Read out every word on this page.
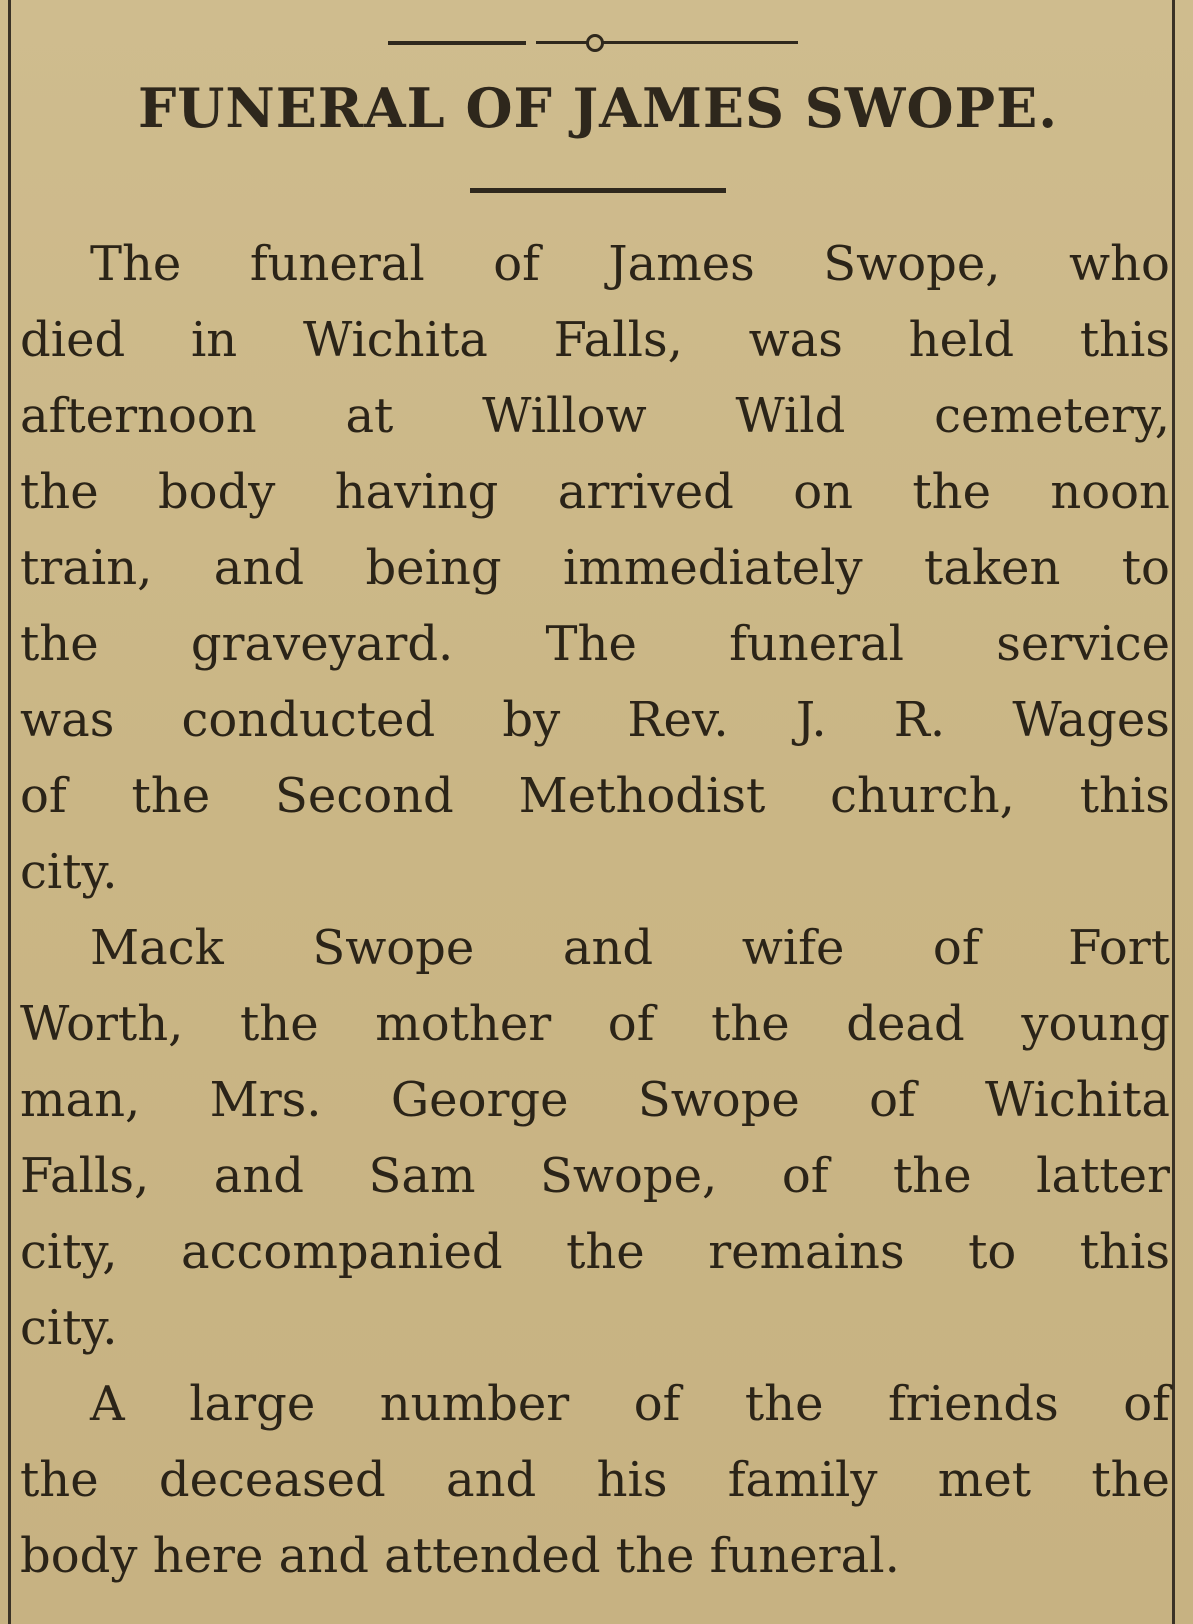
FUNERAL OF JAMES SWOPE.
The funeral of James Swope, who
died in Wichita Falls, was held this
afternoon at Willow Wild cemetery,
the body having arrived on the noon
train, and being immediately taken to
the graveyard. The funeral service
was conducted by Rev. J. R. Wages
of the Second Methodist church, this
city.
Mack Swope and wife of Fort
Worth, the mother of the dead young
man, Mrs. George Swope of Wichita
Falls, and Sam Swope, of the latter
city, accompanied the remains to this
city.
A large number of the friends of
the deceased and his family met the
body here and attended the funeral.
